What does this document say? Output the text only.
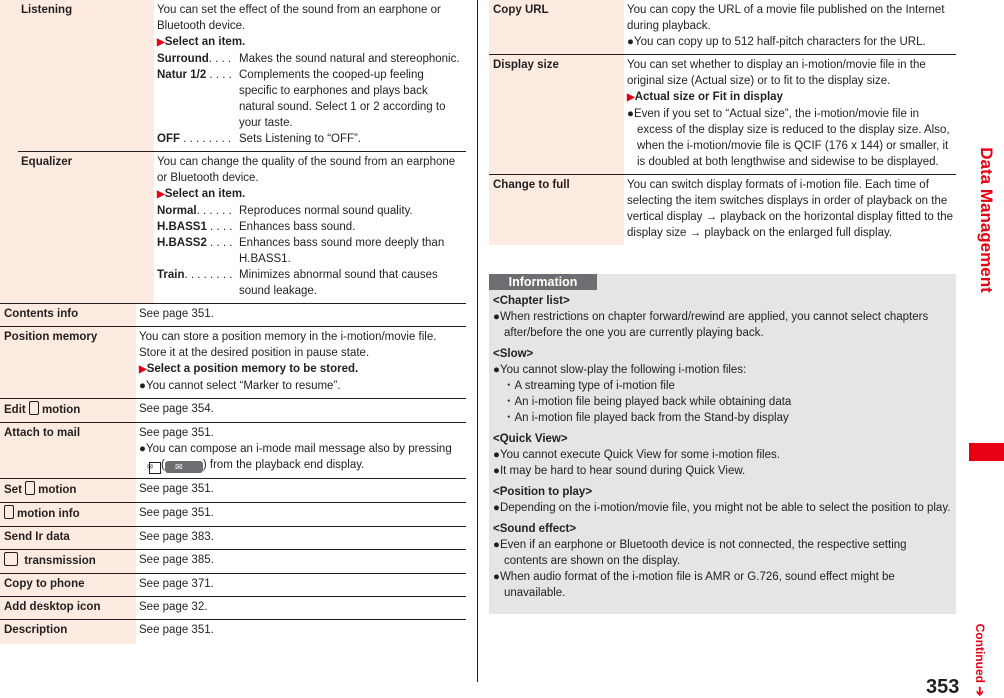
Listening	You can set the effect of the sound from an earphone or Bluetooth device.
▶Select an item.
Surround. . . . Makes the sound natural and stereophonic.
Natur 1/2 . . . . Complements the cooped-up feeling specific to earphones and plays back natural sound. Select 1 or 2 according to your taste.
OFF . . . . . . . . Sets Listening to “OFF”.
Equalizer	You can change the quality of the sound from an earphone or Bluetooth device.
▶Select an item.
Normal. . . . . . Reproduces normal sound quality.
H.BASS1 . . . . Enhances bass sound.
H.BASS2 . . . . Enhances bass sound more deeply than H.BASS1.
Train. . . . . . . . Minimizes abnormal sound that causes sound leakage.
Contents info	See page 351.
Position memory	You can store a position memory in the i-motion/movie file. Store it at the desired position in pause state.
▶Select a position memory to be stored.
●You cannot select “Marker to resume”.
Edit motion	See page 354.
Attach to mail	See page 351.
●You can compose an i-mode mail message also by pressing ✉ ( ✉ ) from the playback end display.
Set motion	See page 351.
motion info	See page 351.
Send Ir data	See page 383.
transmission	See page 385.
Copy to phone	See page 371.
Add desktop icon	See page 32.
Description	See page 351.
Copy URL	You can copy the URL of a movie file published on the Internet during playback.
●You can copy up to 512 half-pitch characters for the URL.
Display size	You can set whether to display an i-motion/movie file in the original size (Actual size) or to fit to the display size.
▶Actual size or Fit in display
●Even if you set to “Actual size”, the i-motion/movie file in excess of the display size is reduced to the display size. Also, when the i-motion/movie file is QCIF (176 x 144) or smaller, it is doubled at both lengthwise and sidewise to be displayed.
Change to full	You can switch display formats of i-motion file. Each time of selecting the item switches displays in order of playback on the vertical display → playback on the horizontal display fitted to the display size → playback on the enlarged full display.
Information
<Chapter list>
●When restrictions on chapter forward/rewind are applied, you cannot select chapters after/before the one you are currently playing back.
<Slow>
●You cannot slow-play the following i-motion files:
・A streaming type of i-motion file
・An i-motion file being played back while obtaining data
・An i-motion file played back from the Stand-by display
<Quick View>
●You cannot execute Quick View for some i-motion files.
●It may be hard to hear sound during Quick View.
<Position to play>
●Depending on the i-motion/movie file, you might not be able to select the position to play.
<Sound effect>
●Even if an earphone or Bluetooth device is not connected, the respective setting contents are shown on the display.
●When audio format of the i-motion file is AMR or G.726, sound effect might be unavailable.
Data Management
Continued ➔
353
